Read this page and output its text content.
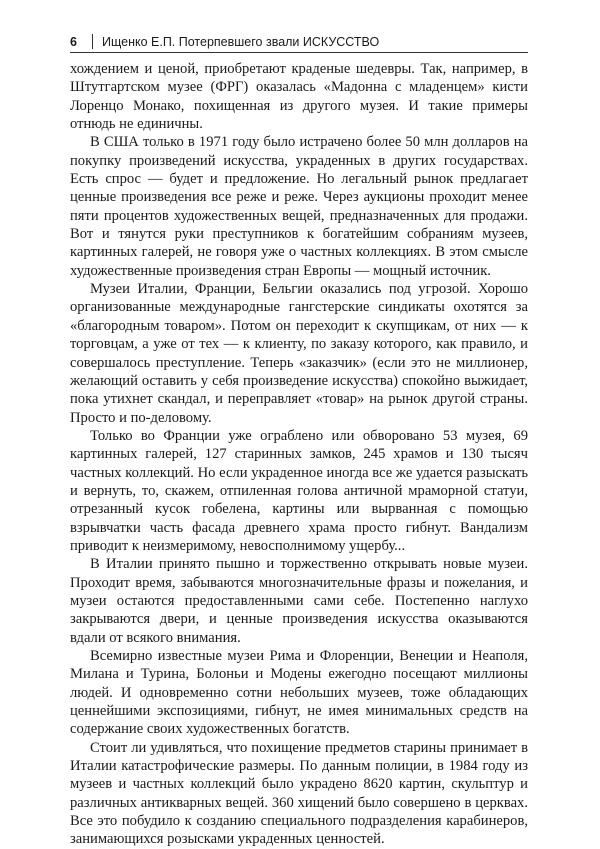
6	Ищенко Е.П. Потерпевшего звали ИСКУССТВО

хождением и ценой, приобретают краденые шедевры. Так, например, в Штутгартском музее (ФРГ) оказалась «Мадонна с младенцем» кисти Лоренцо Монако, похищенная из другого музея. И такие примеры отнюдь не единичны.

В США только в 1971 году было истрачено более 50 млн долларов на покупку произведений искусства, украденных в других государствах. Есть спрос — будет и предложение. Но легальный рынок предлагает ценные произведения все реже и реже. Через аукционы проходит менее пяти процентов художественных вещей, предназначенных для продажи. Вот и тянутся руки преступников к богатейшим собраниям музеев, картинных галерей, не говоря уже о частных коллекциях. В этом смысле художественные произведения стран Европы — мощный источник.

Музеи Италии, Франции, Бельгии оказались под угрозой. Хорошо организованные международные гангстерские синдикаты охотятся за «благородным товаром». Потом он переходит к скупщикам, от них — к торговцам, а уже от тех — к клиенту, по заказу которого, как правило, и совершалось преступление. Теперь «заказчик» (если это не миллионер, желающий оставить у себя произведение искусства) спокойно выжидает, пока утихнет скандал, и переправляет «товар» на рынок другой страны. Просто и по-деловому.

Только во Франции уже ограблено или обворовано 53 музея, 69 картинных галерей, 127 старинных замков, 245 храмов и 130 тысяч частных коллекций. Но если украденное иногда все же удается разыскать и вернуть, то, скажем, отпиленная голова античной мраморной статуи, отрезанный кусок гобелена, картины или вырванная с помощью взрывчатки часть фасада древнего храма просто гибнут. Вандализм приводит к неизмеримому, невосполнимому ущербу...

В Италии принято пышно и торжественно открывать новые музеи. Проходит время, забываются многозначительные фразы и пожелания, и музеи остаются предоставленными сами себе. Постепенно наглухо закрываются двери, и ценные произведения искусства оказываются вдали от всякого внимания.

Всемирно известные музеи Рима и Флоренции, Венеции и Неаполя, Милана и Турина, Болоньи и Модены ежегодно посещают миллионы людей. И одновременно сотни небольших музеев, тоже обладающих ценнейшими экспозициями, гибнут, не имея минимальных средств на содержание своих художественных богатств.

Стоит ли удивляться, что похищение предметов старины принимает в Италии катастрофические размеры. По данным полиции, в 1984 году из музеев и частных коллекций было украдено 8620 картин, скульптур и различных антикварных вещей. 360 хищений было совершено в церквах. Все это побудило к созданию специального подразделения карабинеров, занимающихся розысками украденных ценностей.
